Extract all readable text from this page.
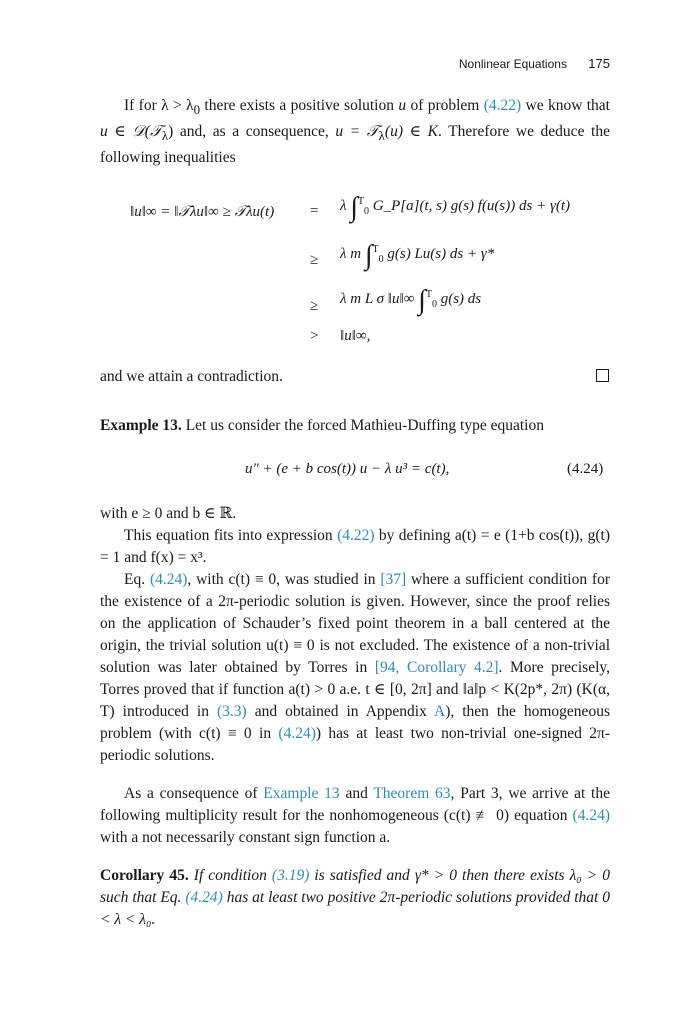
Nonlinear Equations 175

If for $\lambda > \lambda_0$ there exists a positive solution u of problem (4.22) we know that u ∈ 𝒟(𝒯$_\lambda$) and, as a consequence, u = 𝒯$_\lambda$(u) ∈ K. Therefore we deduce the following inequalities

‖u‖∞ = ‖𝒯λu‖∞ ≥ 𝒯λu(t) = λ ∫$^T_0$ G_P[a](t, s) g(s) f(u(s)) ds + γ(t)
≥ λ m ∫$^T_0$ g(s) Lu(s) ds + γ*
≥ λ m L σ ‖u‖∞ ∫$^T_0$ g(s) ds
> ‖u‖∞,

and we attain a contradiction.

Example 13. Let us consider the forced Mathieu-Duffing type equation

u″ + (e + b cos(t)) u − λ u³ = c(t),	(4.24)

with e ≥ 0 and b ∈ ℝ.

This equation fits into expression (4.22) by defining a(t) = e (1+b cos(t)), g(t) = 1 and f(x) = x³.

Eq. (4.24), with c(t) ≡ 0, was studied in [37] where a sufficient condition for the existence of a 2π-periodic solution is given. However, since the proof relies on the application of Schauder’s fixed point theorem in a ball centered at the origin, the trivial solution u(t) ≡ 0 is not excluded. The existence of a non-trivial solution was later obtained by Torres in [94, Corollary 4.2]. More precisely, Torres proved that if function a(t) > 0 a.e. t ∈ [0, 2π] and ‖a‖p < K(2p*, 2π) (K(α, T) introduced in (3.3) and obtained in Appendix A), then the homogeneous problem (with c(t) ≡ 0 in (4.24)) has at least two non-trivial one-signed 2π-periodic solutions.

As a consequence of Example 13 and Theorem 63, Part 3, we arrive at the following multiplicity result for the nonhomogeneous (c(t) ≢ 0) equation (4.24) with a not necessarily constant sign function a.

Corollary 45. If condition (3.19) is satisfied and γ* > 0 then there exists λ₀ > 0 such that Eq. (4.24) has at least two positive 2π-periodic solutions provided that 0 < λ < λ₀.
